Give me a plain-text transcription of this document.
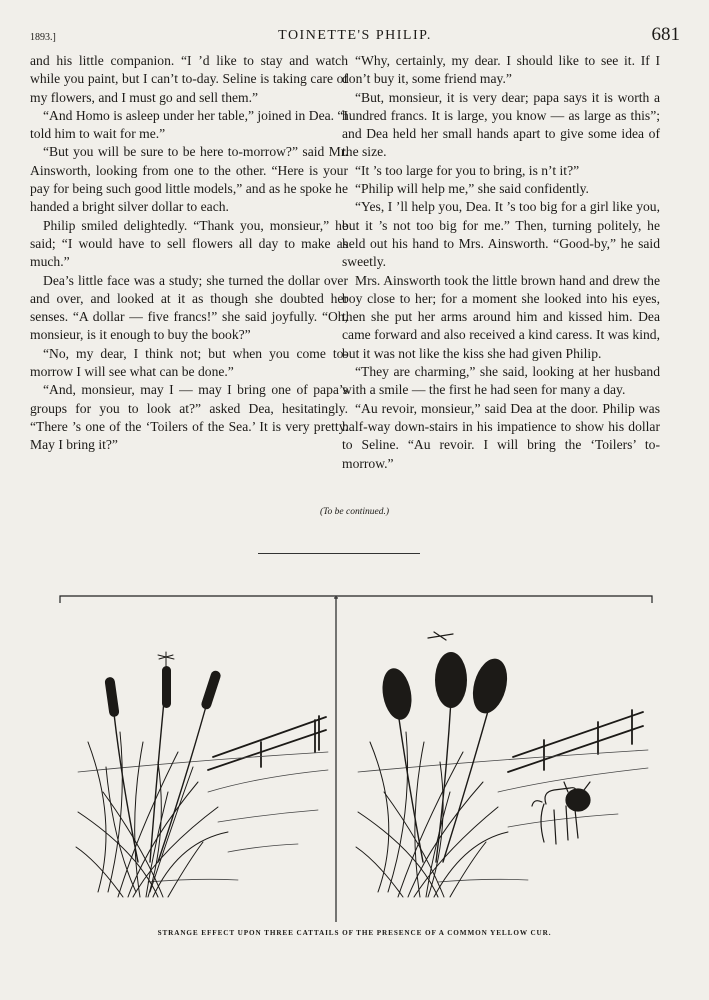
1893.]	TOINETTE'S PHILIP.	681

and his little companion. “I ’d like to stay and watch while you paint, but I can’t to-day. Seline is taking care of my flowers, and I must go and sell them.”

“And Homo is asleep under her table,” joined in Dea. “I told him to wait for me.”

“But you will be sure to be here to-morrow?” said Mr. Ainsworth, looking from one to the other. “Here is your pay for being such good little models,” and as he spoke he handed a bright silver dollar to each.

Philip smiled delightedly. “Thank you, monsieur,” he said; “I would have to sell flowers all day to make as much.”

Dea’s little face was a study; she turned the dollar over and over, and looked at it as though she doubted her senses. “A dollar — five francs!” she said joyfully. “Oh, monsieur, is it enough to buy the book?”

“No, my dear, I think not; but when you come to-morrow I will see what can be done.”

“And, monsieur, may I — may I bring one of papa’s groups for you to look at?” asked Dea, hesitatingly. “There ’s one of the ‘Toilers of the Sea.’ It is very pretty. May I bring it?”

“Why, certainly, my dear. I should like to see it. If I don’t buy it, some friend may.”

“But, monsieur, it is very dear; papa says it is worth a hundred francs. It is large, you know — as large as this”; and Dea held her small hands apart to give some idea of the size.

“It ’s too large for you to bring, is n’t it?”

“Philip will help me,” she said confidently.

“Yes, I ’ll help you, Dea. It ’s too big for a girl like you, but it ’s not too big for me.” Then, turning politely, he held out his hand to Mrs. Ainsworth. “Good-by,” he said sweetly.

Mrs. Ainsworth took the little brown hand and drew the boy close to her; for a moment she looked into his eyes, then she put her arms around him and kissed him. Dea came forward and also received a kind caress. It was kind, but it was not like the kiss she had given Philip.

“They are charming,” she said, looking at her husband with a smile — the first he had seen for many a day.

“Au revoir, monsieur,” said Dea at the door. Philip was half-way down-stairs in his impatience to show his dollar to Seline. “Au revoir. I will bring the ‘Toilers’ to-morrow.”

(To be continued.)
STRANGE EFFECT UPON THREE CATTAILS OF THE PRESENCE OF A COMMON YELLOW CUR.
